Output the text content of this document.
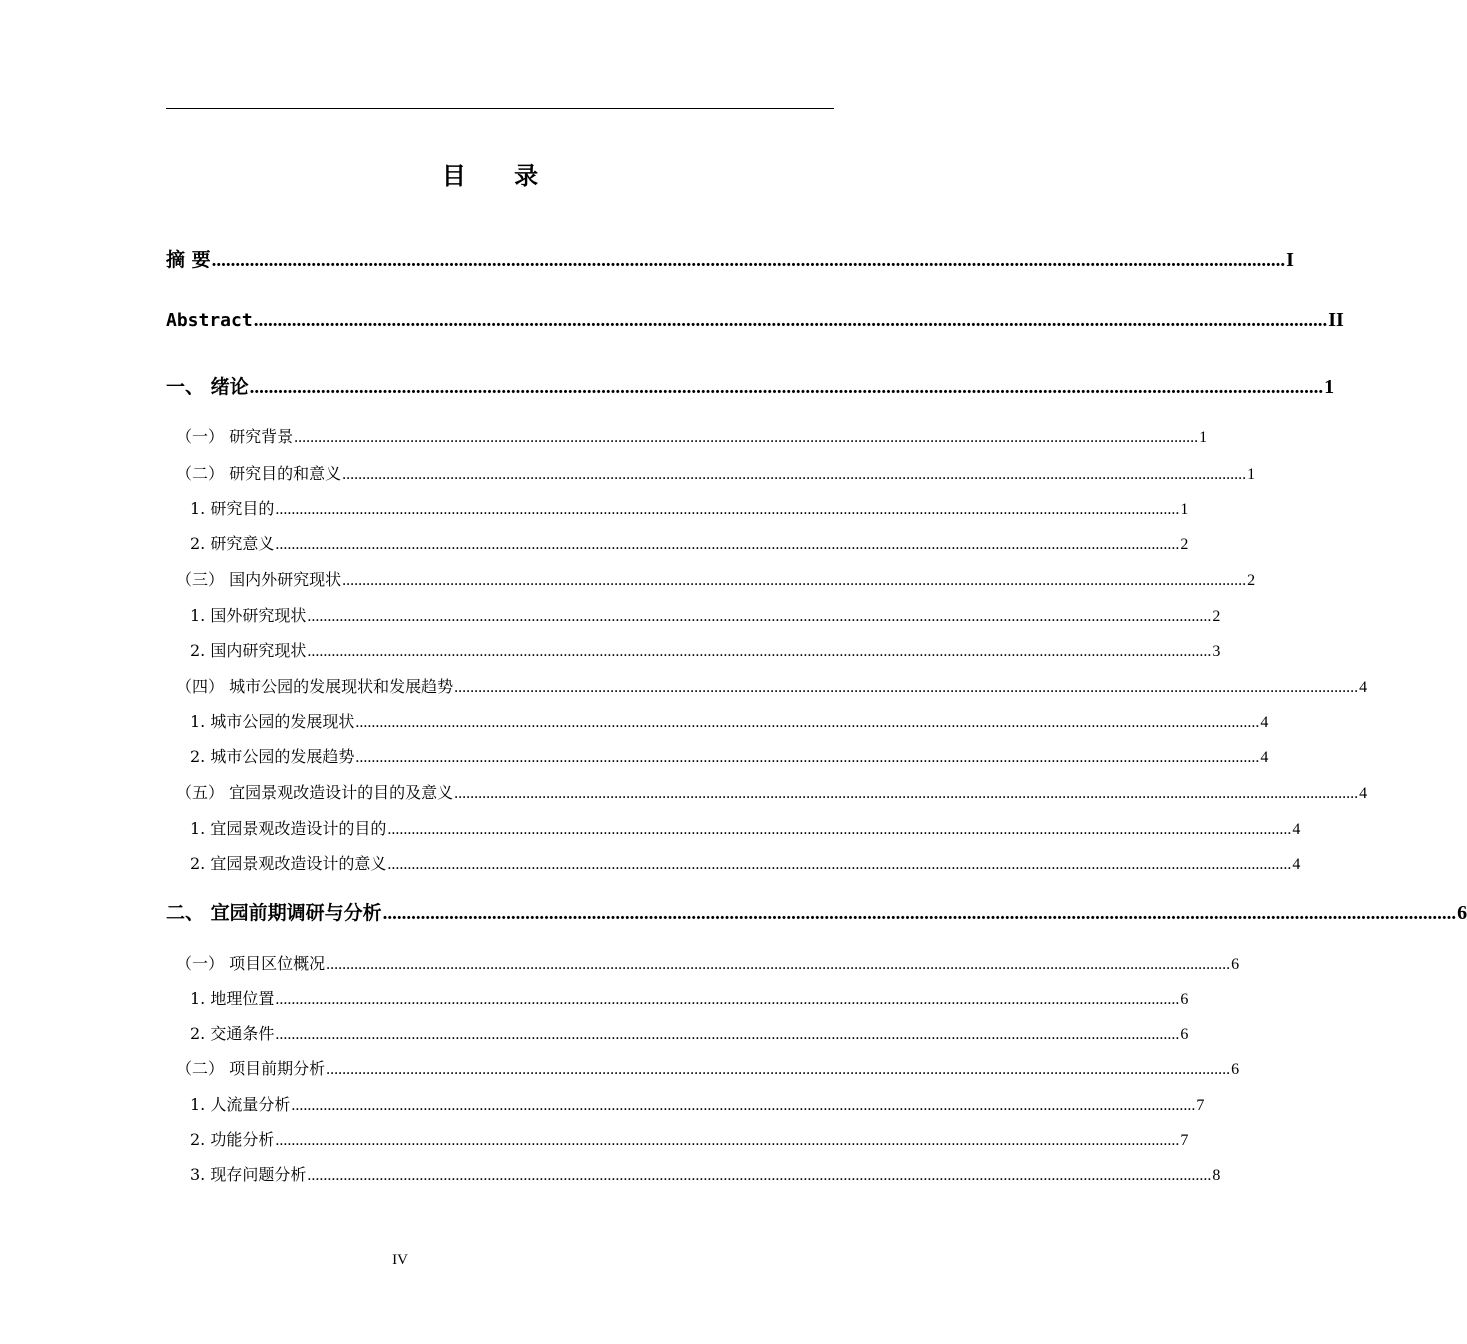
目 录
摘 要 .................................................................................................................................................................................................................................. I
Abstract .................................................................................................................................................................................................................................. II
一、 绪论 .................................................................................................................................................................................................................................. 1
（一） 研究背景 .................................................................................................................................................................................................................................. 1
（二） 研究目的和意义 .................................................................................................................................................................................................................................. 1
1. 研究目的 .................................................................................................................................................................................................................................. 1
2. 研究意义 .................................................................................................................................................................................................................................. 2
（三） 国内外研究现状 .................................................................................................................................................................................................................................. 2
1. 国外研究现状 .................................................................................................................................................................................................................................. 2
2. 国内研究现状 .................................................................................................................................................................................................................................. 3
（四） 城市公园的发展现状和发展趋势 .................................................................................................................................................................................................................................. 4
1. 城市公园的发展现状 .................................................................................................................................................................................................................................. 4
2. 城市公园的发展趋势 .................................................................................................................................................................................................................................. 4
（五） 宜园景观改造设计的目的及意义 .................................................................................................................................................................................................................................. 4
1. 宜园景观改造设计的目的 .................................................................................................................................................................................................................................. 4
2. 宜园景观改造设计的意义 .................................................................................................................................................................................................................................. 4
二、 宜园前期调研与分析 .................................................................................................................................................................................................................................. 6
（一） 项目区位概况 .................................................................................................................................................................................................................................. 6
1. 地理位置 .................................................................................................................................................................................................................................. 6
2. 交通条件 .................................................................................................................................................................................................................................. 6
（二） 项目前期分析 .................................................................................................................................................................................................................................. 6
1. 人流量分析 .................................................................................................................................................................................................................................. 7
2. 功能分析 .................................................................................................................................................................................................................................. 7
3. 现存问题分析 .................................................................................................................................................................................................................................. 8
IV
